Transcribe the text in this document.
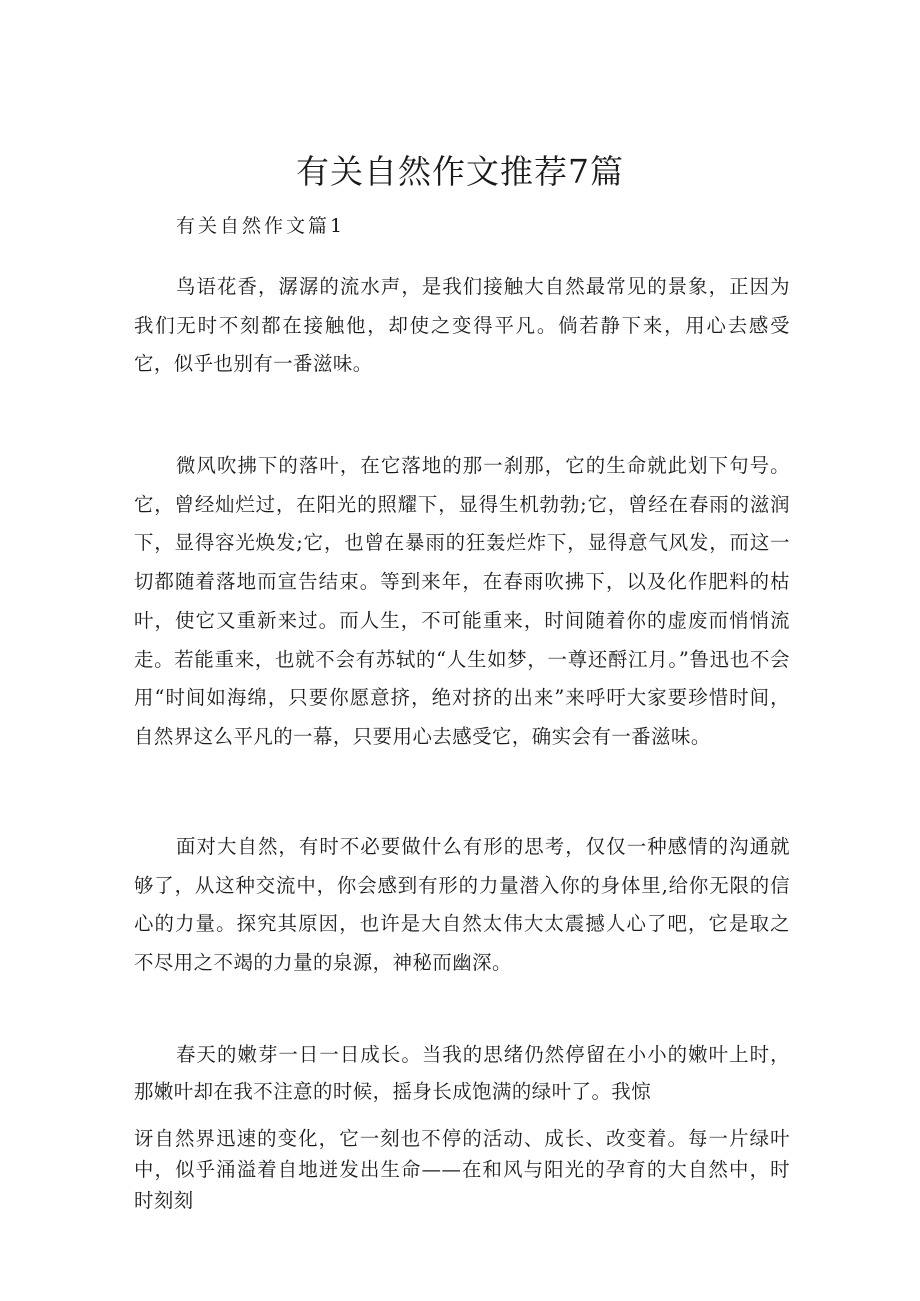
有关自然作文推荐7篇
有关自然作文篇1

鸟语花香，潺潺的流水声，是我们接触大自然最常见的景象，正因为我们无时不刻都在接触他，却使之变得平凡。倘若静下来，用心去感受它，似乎也别有一番滋味。

微风吹拂下的落叶，在它落地的那一刹那，它的生命就此划下句号。它，曾经灿烂过，在阳光的照耀下，显得生机勃勃;它，曾经在春雨的滋润下，显得容光焕发;它，也曾在暴雨的狂轰烂炸下，显得意气风发，而这一切都随着落地而宣告结束。等到来年，在春雨吹拂下，以及化作肥料的枯叶，使它又重新来过。而人生，不可能重来，时间随着你的虚废而悄悄流走。若能重来，也就不会有苏轼的“人生如梦，一尊还酹江月。”鲁迅也不会用“时间如海绵，只要你愿意挤，绝对挤的出来”来呼吁大家要珍惜时间，自然界这么平凡的一幕，只要用心去感受它，确实会有一番滋味。

面对大自然，有时不必要做什么有形的思考，仅仅一种感情的沟通就够了，从这种交流中，你会感到有形的力量潜入你的身体里,给你无限的信心的力量。探究其原因，也许是大自然太伟大太震撼人心了吧，它是取之不尽用之不竭的力量的泉源，神秘而幽深。

春天的嫩芽一日一日成长。当我的思绪仍然停留在小小的嫩叶上时，那嫩叶却在我不注意的时候，摇身长成饱满的绿叶了。我惊

讶自然界迅速的变化，它一刻也不停的活动、成长、改变着。每一片绿叶中，似乎涌溢着自地迸发出生命——在和风与阳光的孕育的大自然中，时时刻刻
